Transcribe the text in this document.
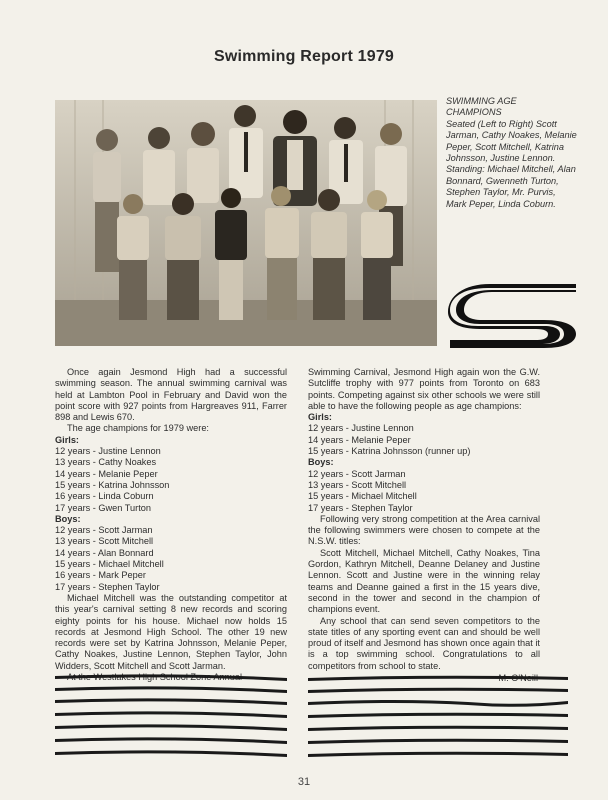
Swimming Report 1979

SWIMMING AGE

CHAMPIONS

Seated (Left to Right) Scott Jarman, Cathy Noakes, Melanie Peper, Scott Mitchell, Katrina Johnsson, Justine Lennon. Standing: Michael Mitchell, Alan Bonnard, Gwenneth Turton, Stephen Taylor, Mr. Purvis, Mark Peper, Linda Coburn.

Once again Jesmond High had a successful swimming season. The annual swimming carnival was held at Lambton Pool in February and David won the point score with 927 points from Hargreaves 911, Farrer 898 and Lewis 670.

The age champions for 1979 were:

Girls:

12 years - Justine Lennon

13 years - Cathy Noakes

14 years - Melanie Peper

15 years - Katrina Johnsson

16 years - Linda Coburn

17 years - Gwen Turton

Boys:

12 years - Scott Jarman

13 years - Scott Mitchell

14 years - Alan Bonnard

15 years - Michael Mitchell

16 years - Mark Peper

17 years - Stephen Taylor

Michael Mitchell was the outstanding competitor at this year's carnival setting 8 new records and scoring eighty points for his house. Michael now holds 15 records at Jesmond High School. The other 19 new records were set by Katrina Johnsson, Melanie Peper, Cathy Noakes, Justine Lennon, Stephen Taylor, John Widders, Scott Mitchell and Scott Jarman.

Swimming Carnival, Jesmond High again won the G.W. Sutcliffe trophy with 977 points from Toronto on 683 points. Competing against six other schools we were still able to have the following people as age champions:

Girls:

12 years - Justine Lennon

14 years - Melanie Peper

15 years - Katrina Johnsson (runner up)

Boys:

12 years - Scott Jarman

13 years - Scott Mitchell

15 years - Michael Mitchell

17 years - Stephen Taylor

Following very strong competition at the Area carnival the following swimmers were chosen to compete at the N.S.W. titles:

Scott Mitchell, Michael Mitchell, Cathy Noakes, Tina Gordon, Kathryn Mitchell, Deanne Delaney and Justine Lennon. Scott and Justine were in the winning relay teams and Deanne gained a first in the 15 years dive, second in the tower and second in the champion of champions event.

Any school that can send seven competitors to the state titles of any sporting event can and should be well proud of itself and Jesmond has shown once again that it is a top swimming school. Congratulations to all competitors from school to state.

31
